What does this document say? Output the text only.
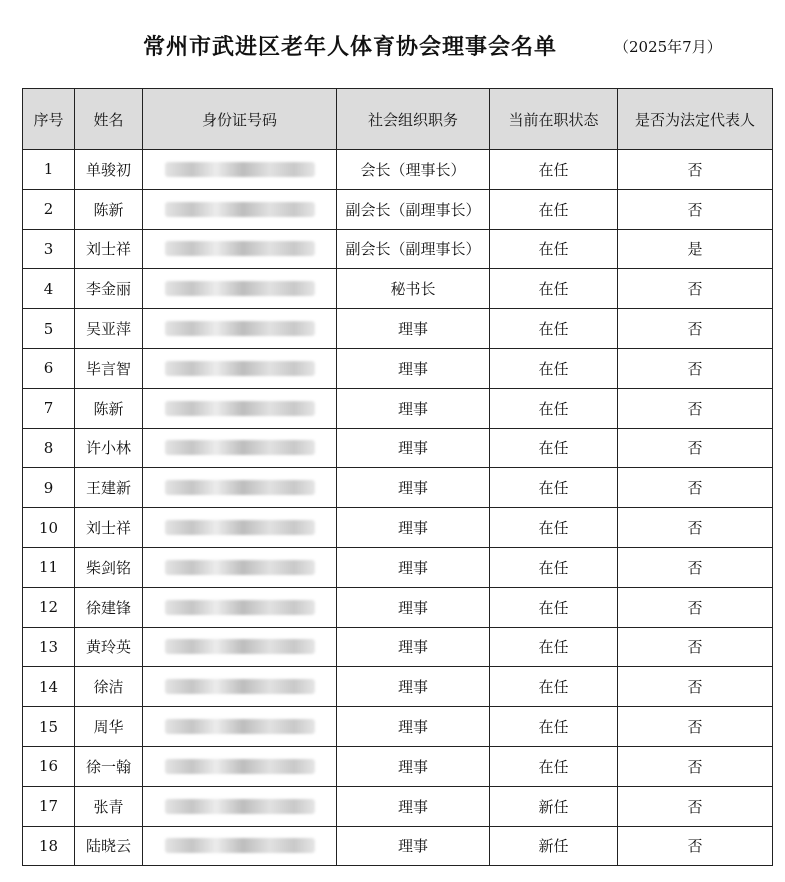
常州市武进区老年人体育协会理事会名单	（2025年7月）
序号	姓名	身份证号码	社会组织职务	当前在职状态	是否为法定代表人
1	单骏初		会长（理事长）	在任	否
2	陈新		副会长（副理事长）	在任	否
3	刘士祥		副会长（副理事长）	在任	是
4	李金丽		秘书长	在任	否
5	吴亚萍		理事	在任	否
6	毕言智		理事	在任	否
7	陈新		理事	在任	否
8	许小林		理事	在任	否
9	王建新		理事	在任	否
10	刘士祥		理事	在任	否
11	柴剑铭		理事	在任	否
12	徐建锋		理事	在任	否
13	黄玲英		理事	在任	否
14	徐洁		理事	在任	否
15	周华		理事	在任	否
16	徐一翰		理事	在任	否
17	张青		理事	新任	否
18	陆晓云		理事	新任	否
